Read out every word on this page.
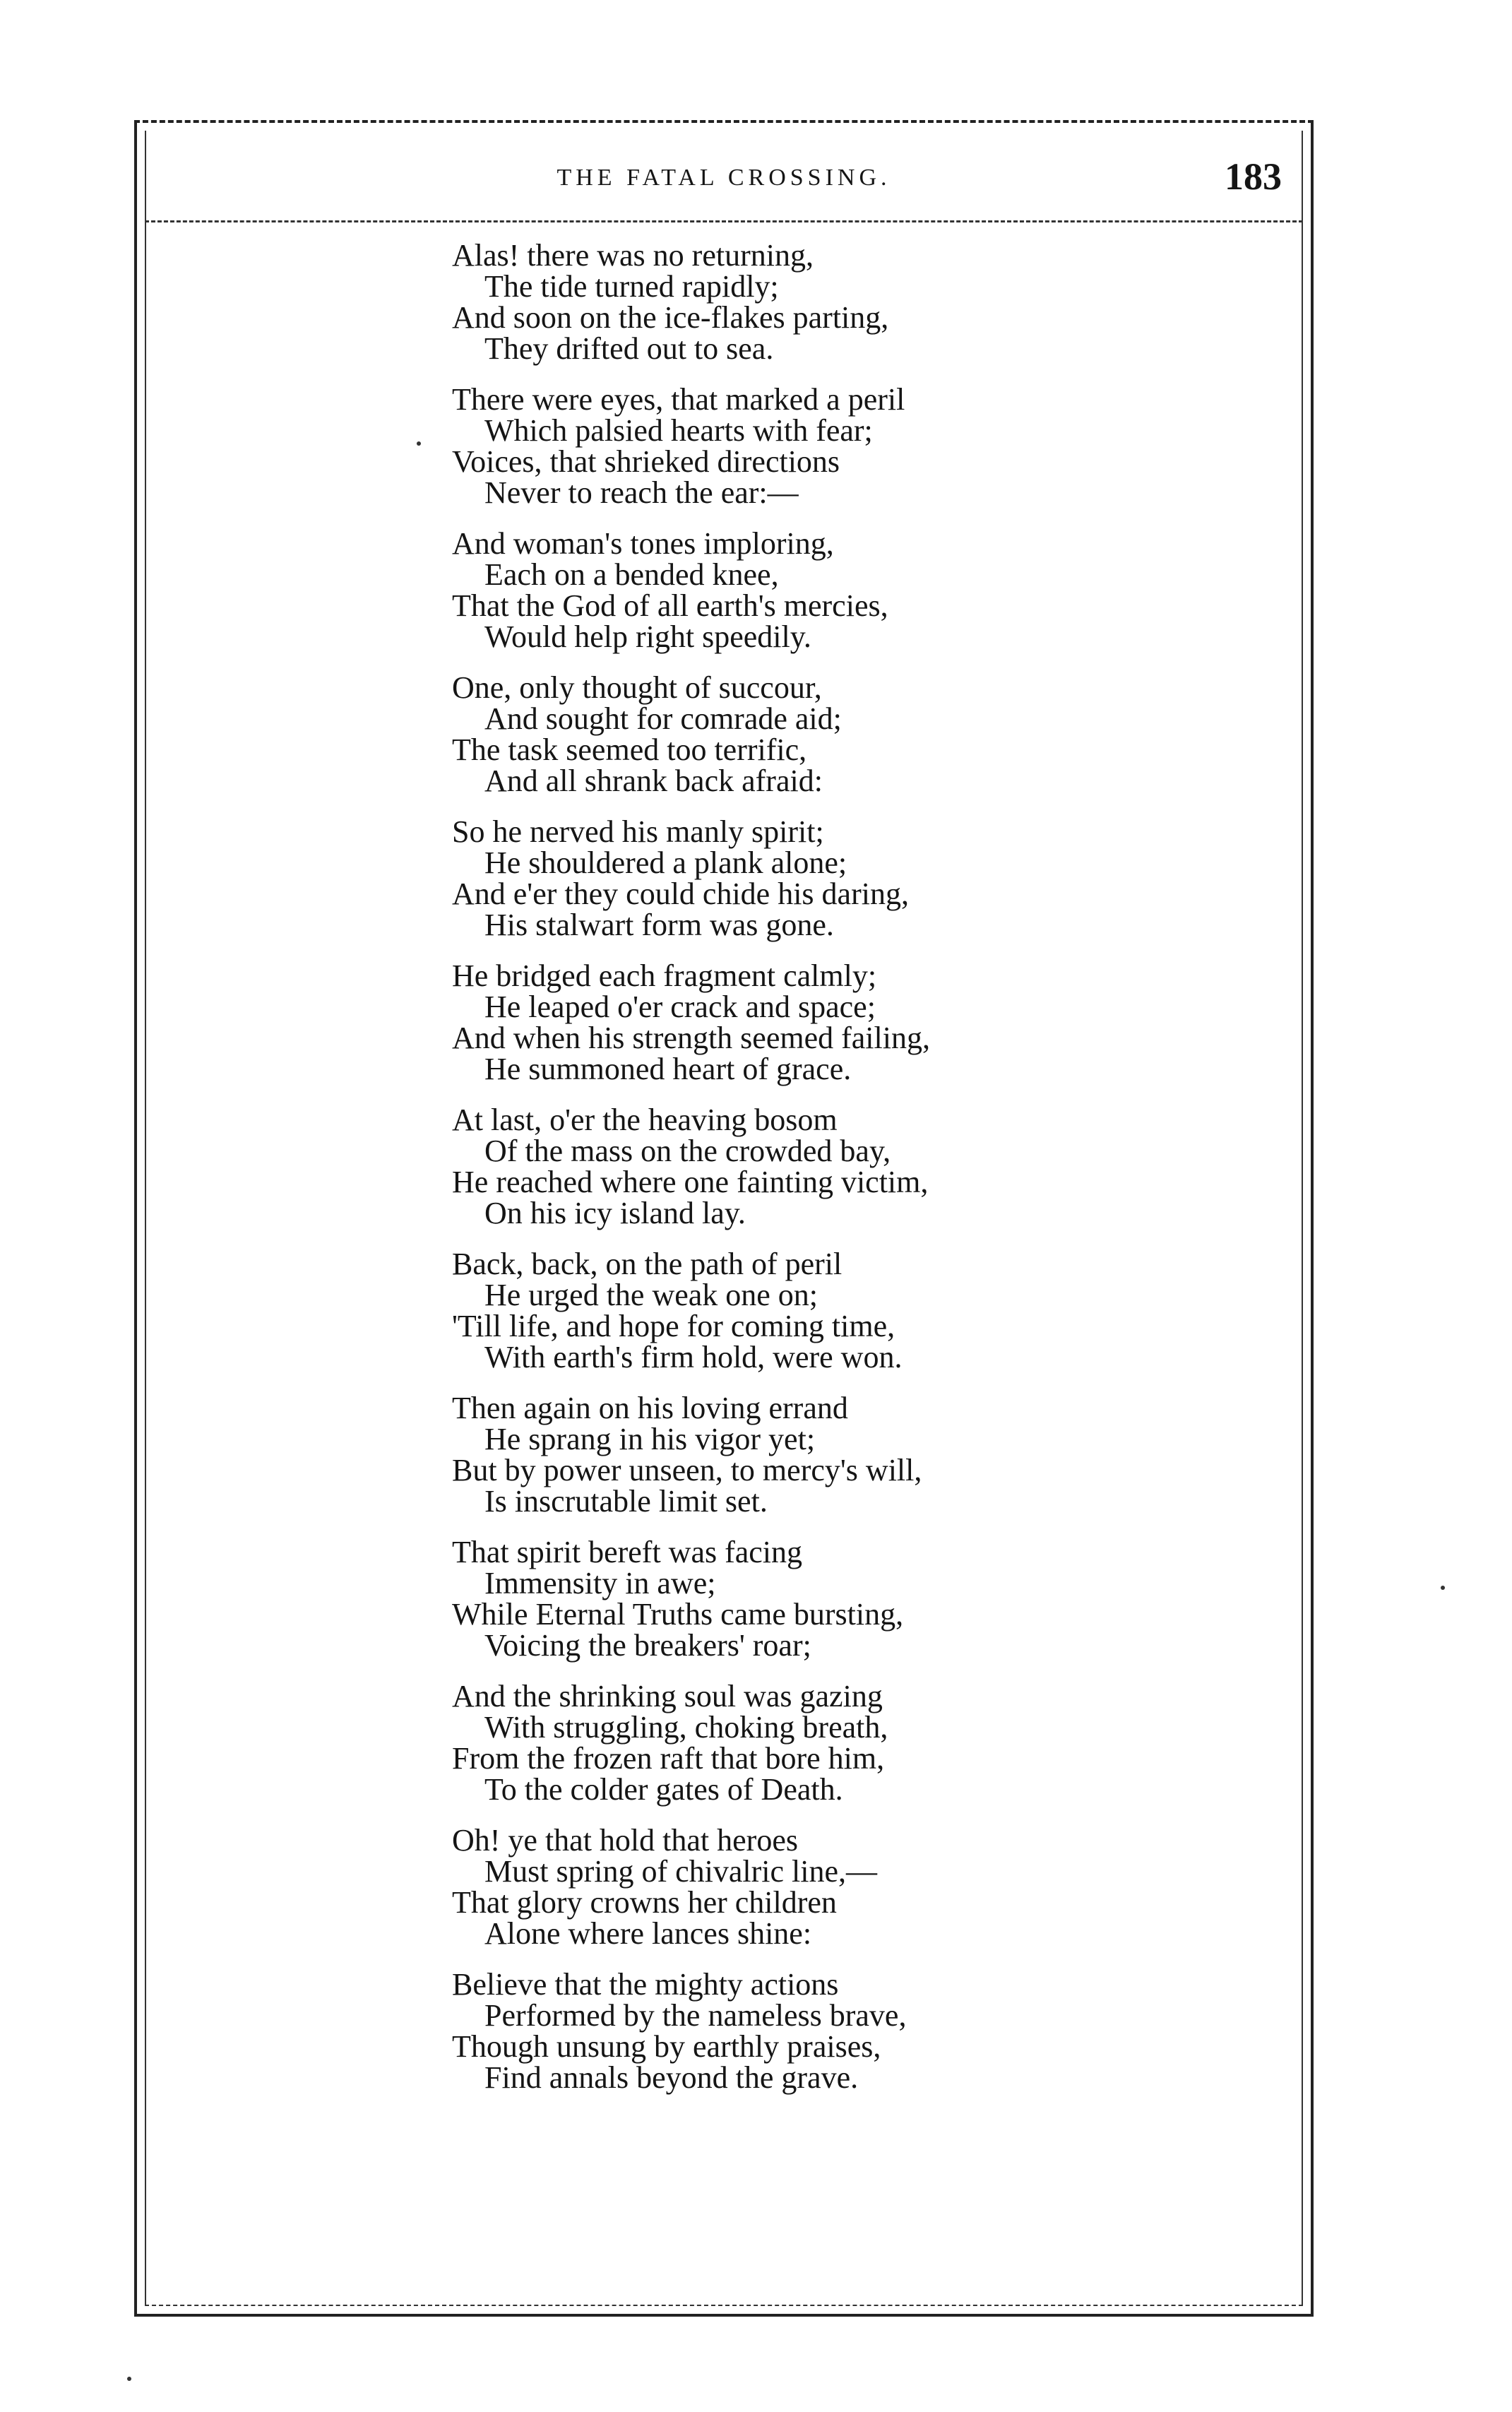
THE FATAL CROSSING.	183
Alas! there was no returning,
The tide turned rapidly;
And soon on the ice-flakes parting,
They drifted out to sea.
There were eyes, that marked a peril
Which palsied hearts with fear;
Voices, that shrieked directions
Never to reach the ear:—
And woman's tones imploring,
Each on a bended knee,
That the God of all earth's mercies,
Would help right speedily.
One, only thought of succour,
And sought for comrade aid;
The task seemed too terrific,
And all shrank back afraid:
So he nerved his manly spirit;
He shouldered a plank alone;
And e'er they could chide his daring,
His stalwart form was gone.
He bridged each fragment calmly;
He leaped o'er crack and space;
And when his strength seemed failing,
He summoned heart of grace.
At last, o'er the heaving bosom
Of the mass on the crowded bay,
He reached where one fainting victim,
On his icy island lay.
Back, back, on the path of peril
He urged the weak one on;
'Till life, and hope for coming time,
With earth's firm hold, were won.
Then again on his loving errand
He sprang in his vigor yet;
But by power unseen, to mercy's will,
Is inscrutable limit set.
That spirit bereft was facing
Immensity in awe;
While Eternal Truths came bursting,
Voicing the breakers' roar;
And the shrinking soul was gazing
With struggling, choking breath,
From the frozen raft that bore him,
To the colder gates of Death.
Oh! ye that hold that heroes
Must spring of chivalric line,—
That glory crowns her children
Alone where lances shine:
Believe that the mighty actions
Performed by the nameless brave,
Though unsung by earthly praises,
Find annals beyond the grave.
